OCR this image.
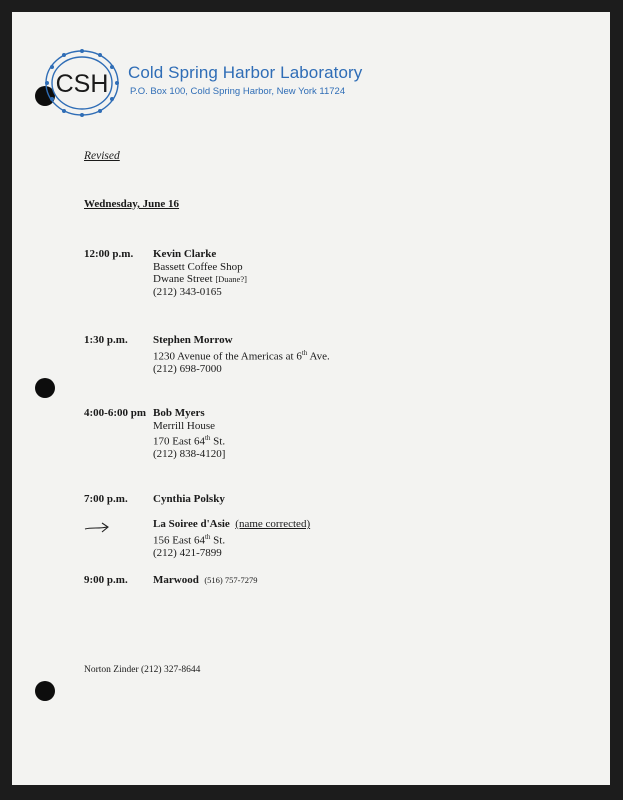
CSH Cold Spring Harbor Laboratory
P.O. Box 100, Cold Spring Harbor, New York 11724
Revised
Wednesday, June 16
12:00 p.m. Kevin Clarke
Bassett Coffee Shop
Dwane Street [Duane?]
(212) 343-0165
1:30 p.m. Stephen Morrow
1230 Avenue of the Americas at 6th Ave.
(212) 698-7000
4:00-6:00 pm Bob Myers
Merrill House
170 East 64th St.
(212) 838-4120]
7:00 p.m. Cynthia Polsky
La Soiree d'Asie (name corrected)
156 East 64th St.
(212) 421-7899
9:00 p.m. Marwood (516) 757-7279
Norton Zinder (212) 327-8644
